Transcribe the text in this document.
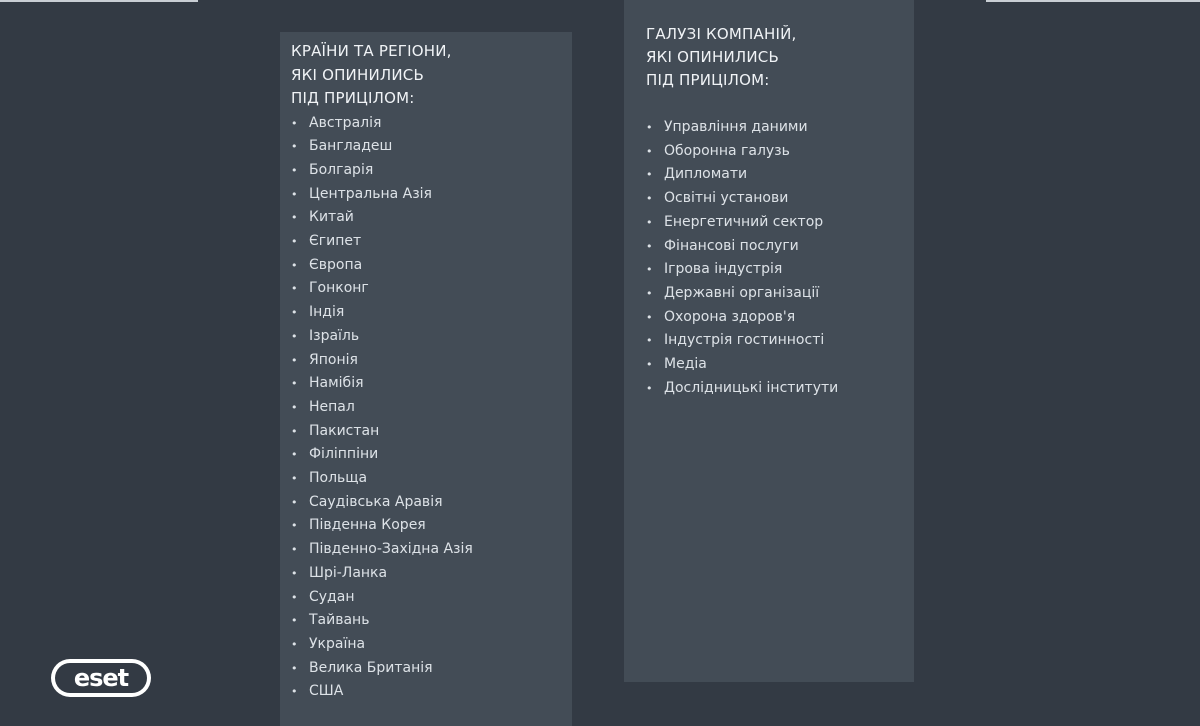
КРАЇНИ ТА РЕГІОНИ,
ЯКІ ОПИНИЛИСЬ
ПІД ПРИЦІЛОМ:
• Австралія
• Бангладеш
• Болгарія
• Центральна Азія
• Китай
• Єгипет
• Європа
• Гонконг
• Індія
• Ізраїль
• Японія
• Намібія
• Непал
• Пакистан
• Філіппіни
• Польща
• Саудівська Аравія
• Південна Корея
• Південно-Західна Азія
• Шрі-Ланка
• Судан
• Тайвань
• Україна
• Велика Британія
• США
ГАЛУЗІ КОМПАНІЙ,
ЯКІ ОПИНИЛИСЬ
ПІД ПРИЦІЛОМ:
• Управління даними
• Оборонна галузь
• Дипломати
• Освітні установи
• Енергетичний сектор
• Фінансові послуги
• Ігрова індустрія
• Державні організації
• Охорона здоров'я
• Індустрія гостинності
• Медіа
• Дослідницькі інститути
eset
